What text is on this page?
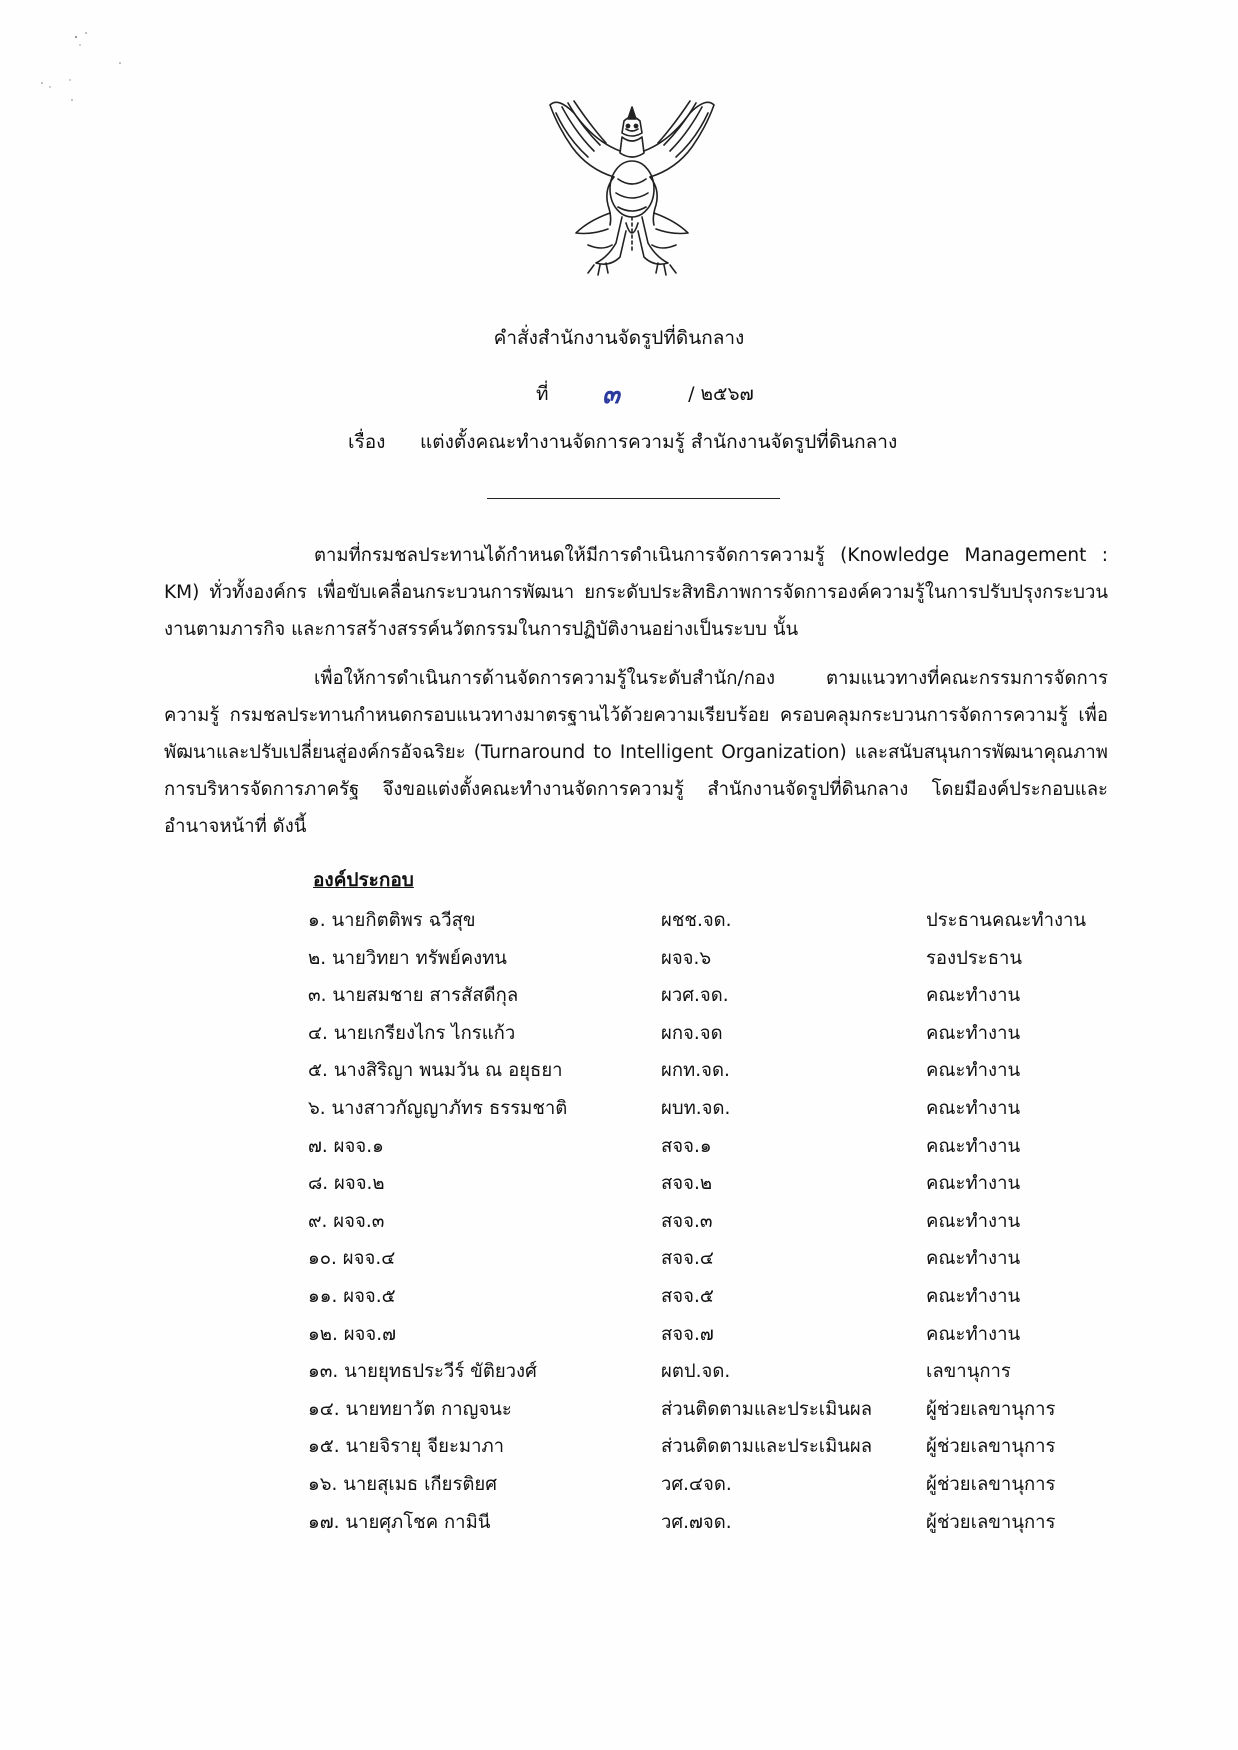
คำสั่งสำนักงานจัดรูปที่ดินกลาง
ที่ ๓	/ ๒๕๖๗
เรื่อง แต่งตั้งคณะทำงานจัดการความรู้ สำนักงานจัดรูปที่ดินกลาง
ตามที่กรมชลประทานได้กำหนดให้มีการดำเนินการจัดการความรู้ (Knowledge Management : KM) ทั่วทั้งองค์กร เพื่อขับเคลื่อนกระบวนการพัฒนา ยกระดับประสิทธิภาพการจัดการองค์ความรู้ในการปรับปรุงกระบวนงานตามภารกิจ และการสร้างสรรค์นวัตกรรมในการปฏิบัติงานอย่างเป็นระบบ นั้น
เพื่อให้การดำเนินการด้านจัดการความรู้ในระดับสำนัก/กอง ตามแนวทางที่คณะกรรมการจัดการความรู้ กรมชลประทานกำหนดกรอบแนวทางมาตรฐานไว้ด้วยความเรียบร้อย ครอบคลุมกระบวนการจัดการความรู้ เพื่อพัฒนาและปรับเปลี่ยนสู่องค์กรอัจฉริยะ (Turnaround to Intelligent Organization) และสนับสนุนการพัฒนาคุณภาพการบริหารจัดการภาครัฐ จึงขอแต่งตั้งคณะทำงานจัดการความรู้ สำนักงานจัดรูปที่ดินกลาง โดยมีองค์ประกอบและอำนาจหน้าที่ ดังนี้
องค์ประกอบ
๑. นายกิตติพร ฉวีสุข	ผชช.จด.	ประธานคณะทำงาน
๒. นายวิทยา ทรัพย์คงทน	ผจจ.๖	รองประธาน
๓. นายสมชาย สารสัสดีกุล	ผวศ.จด.	คณะทำงาน
๔. นายเกรียงไกร ไกรแก้ว	ผกจ.จด	คณะทำงาน
๕. นางสิริญา พนมวัน ณ อยุธยา	ผกท.จด.	คณะทำงาน
๖. นางสาวกัญญาภัทร ธรรมชาติ	ผบท.จด.	คณะทำงาน
๗. ผจจ.๑	สจจ.๑	คณะทำงาน
๘. ผจจ.๒	สจจ.๒	คณะทำงาน
๙. ผจจ.๓	สจจ.๓	คณะทำงาน
๑๐. ผจจ.๔	สจจ.๔	คณะทำงาน
๑๑. ผจจ.๕	สจจ.๕	คณะทำงาน
๑๒. ผจจ.๗	สจจ.๗	คณะทำงาน
๑๓. นายยุทธประวีร์ ขัติยวงศ์	ผตป.จด.	เลขานุการ
๑๔. นายทยาวัต กาญจนะ	ส่วนติดตามและประเมินผล	ผู้ช่วยเลขานุการ
๑๕. นายจิรายุ จียะมาภา	ส่วนติดตามและประเมินผล	ผู้ช่วยเลขานุการ
๑๖. นายสุเมธ เกียรติยศ	วศ.๔จด.	ผู้ช่วยเลขานุการ
๑๗. นายศุภโชค กามินี	วศ.๗จด.	ผู้ช่วยเลขานุการ
